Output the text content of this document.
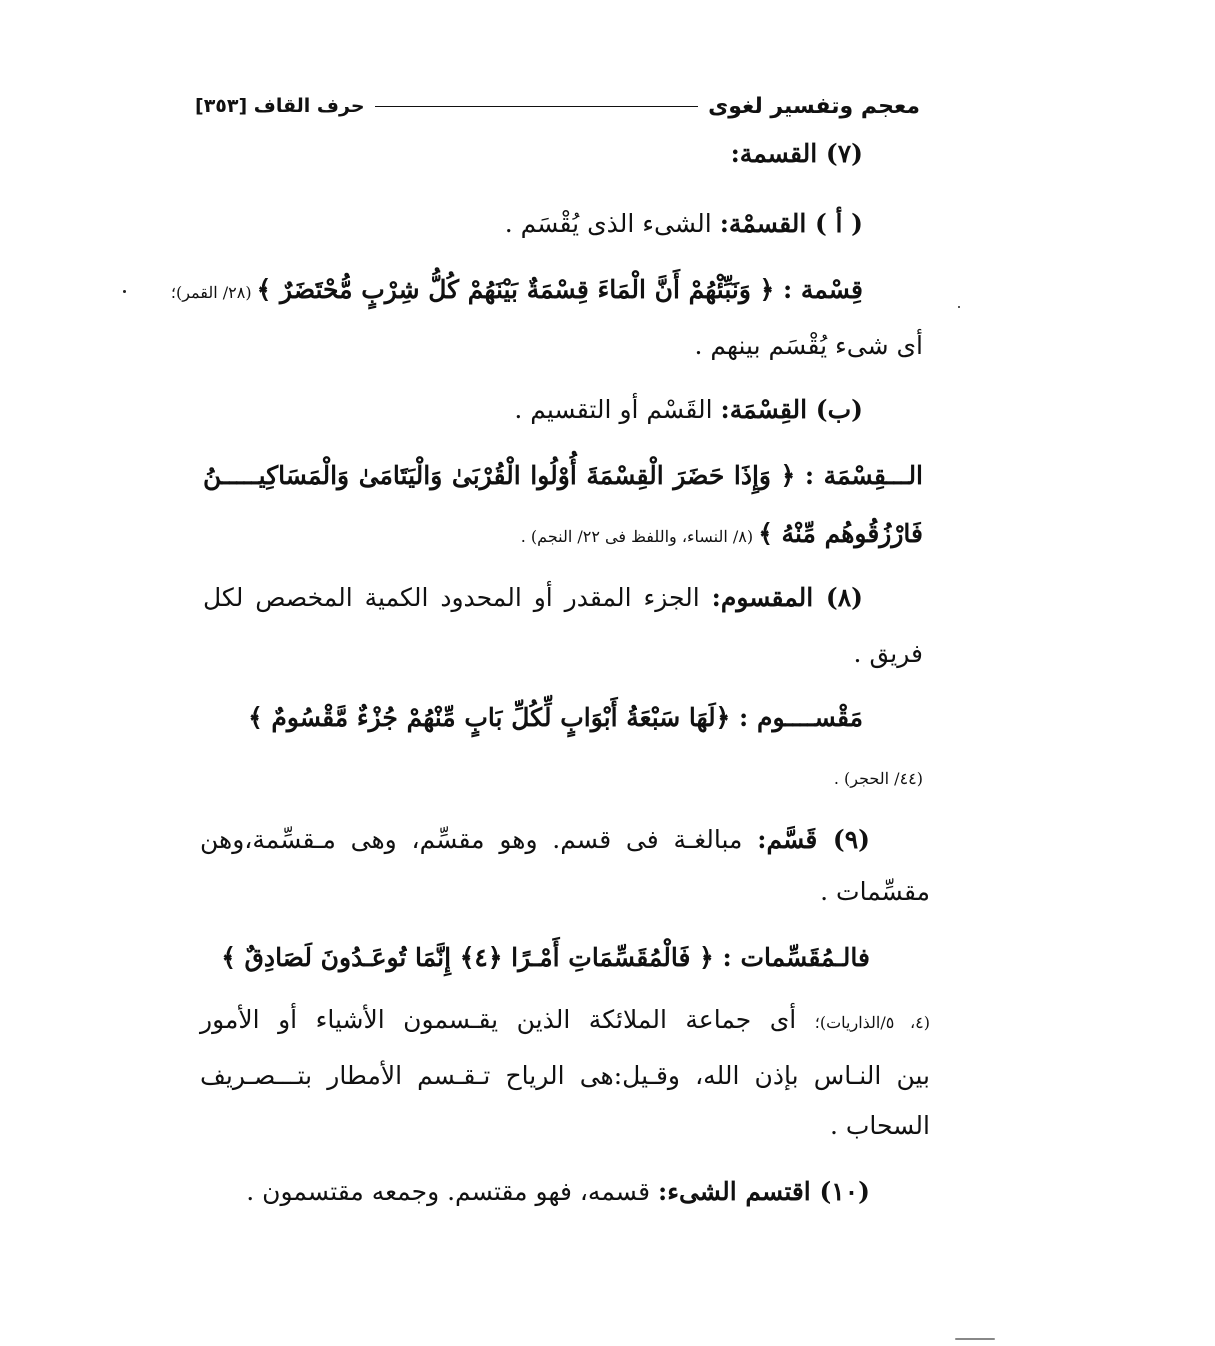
معجم وتفسير لغوى
حرف القاف [٣٥٣]
(٧) القسمة:
( أ ) القسمْة: الشىء الذى يُقْسَم .
قِسْمة : ﴿ وَنَبِّئْهُمْ أَنَّ الْمَاءَ قِسْمَةٌ بَيْنَهُمْ كُلُّ شِرْبٍ مُّحْتَضَرٌ ﴾ (٢٨/ القمر)؛
أى شىء يُقْسَم بينهم .
(ب) القِسْمَة: القَسْم أو التقسيم .
الـــقِسْمَة : ﴿ وَإِذَا حَضَرَ الْقِسْمَةَ أُوْلُوا الْقُرْبَىٰ وَالْيَتَامَىٰ وَالْمَسَاكِيـــــنُ
فَارْزُقُوهُم مِّنْهُ ﴾ (٨/ النساء، واللفظ فى ٢٢/ النجم) .
(٨) المقسوم: الجزء المقدر أو المحدود الكمية المخصص لكل
فريق .
مَقْســــوم : ﴿لَهَا سَبْعَةُ أَبْوَابٍ لِّكُلِّ بَابٍ مِّنْهُمْ جُزْءٌ مَّقْسُومٌ ﴾
(٤٤/ الحجر) .
(٩) قَسَّم: مبالغـة فى قسم. وهو مقسِّم، وهى مـقسِّمة،وهن
مقسِّمات .
فالـمُقَسِّمات : ﴿ فَالْمُقَسِّمَاتِ أَمْـرًا ﴿٤﴾ إِنَّمَا تُوعَـدُونَ لَصَادِقٌ ﴾
(٤، ٥/الذاريات)؛ أى جماعة الملائكة الذين يقـسمون الأشياء أو الأمور
بين النـاس بإذن الله، وقـيل:هى الرياح تـقـسم الأمطار بتـــصـريف
السحاب .
(١٠) اقتسم الشىء: قسمه، فهو مقتسم. وجمعه مقتسمون .
